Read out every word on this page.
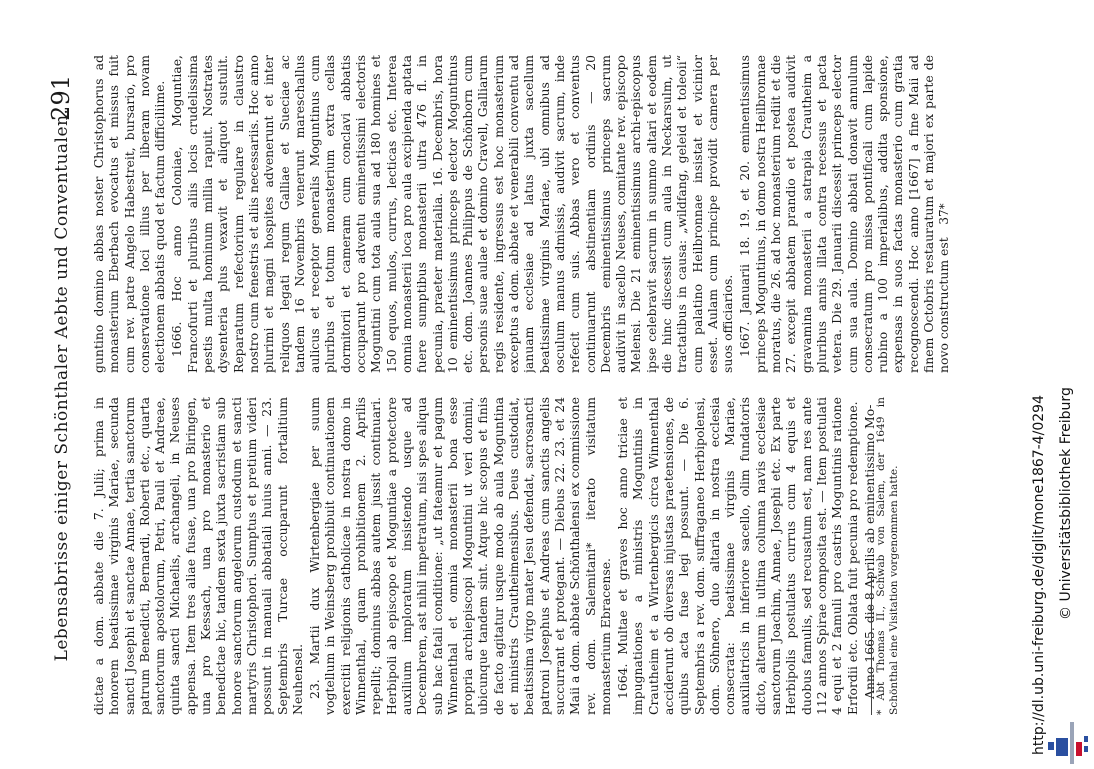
Lebensabrisse einiger Schönthaler Aebte und Conventualen.
291

dictae a dom. abbate die 7. Julii; prima in honorem beatissimae virginis Mariae, secunda sancti Josephi et sanctae Annae, tertia sanctorum patrum Benedicti, Bernardi, Roberti etc., quarta sanctorum apostolorum, Petri, Pauli et Andreae, quinta sancti Michaelis, archangeli, in Neuses appensa. Item tres aliae fusae, una pro Biringen, una pro Kessach, una pro monasterio et benedictae hic, tandem sexta juxta sacristiam sub honore sanctorum angelorum custodum et sancti martyris Christophori. Sumptus et pretium videri possunt in manuali abbatiali huius anni. — 23. Septembris Turcae occuparunt fortalitium Neuhensel. 23. Martii dux Wirtenbergiae per suum vogtellum in Weinsberg prohibuit continuationem exercitii religionis catholicae in nostra domo in Winnenthal, quam prohibitionem 2. Aprilis repellit; dominus abbas autem jussit continuari. Herbipoli ab episcopo et Moguntiae a protectore auxilium imploratum insistendo usque ad Decembrem, ast nihil impetratum, nisi spes aliqua sub hac fatali conditione: „ut fateamur et pagum Winnenthal et omnia monasterii bona esse propria archiepiscopi Moguntini ut veri domini, ubicunque tandem sint. Atque hic scopus et finis de facto agitatur usque modo ab aula Moguntina et ministris Crautheimensibus. Deus custodiat, beatissima virgo mater Jesu defendat, sacrosancti patroni Josephus et Andreas cum sanctis angelis succurrant et protegant. — Diebus 22. 23. et 24 Maii a dom. abbate Schönthalensi ex commissione rev. dom. Salemitani* iterato visitatum monasterium Ebracense. 1664. Multae et graves hoc anno triciae et impugnationes a ministris Moguntinis in Crautheim et a Wirtenbergicis circa Winnenthal acciderunt ob diversas injustas praetensiones, de quibus acta fuse legi possunt. — Die 6. Septembris a rev. dom. suffraganeo Herbipolensi, dom. Söhnero, duo altaria in nostra ecclesia consecrata: beatissimae virginis Mariae, auxiliatricis in inferiore sacello, olim fundatoris dicto, alterum in ultima columna navis ecclesiae sanctorum Joachim, Annae, Josephi etc. Ex parte Herbipolis postulatus currus cum 4 equis et duobus famulis, sed recusatum est, nam res ante 112 annos Spirae composita est. — Item postulati 4 equi et 2 famuli pro castris Moguntinis ratione Erfordii etc. Oblata fuit pecunia pro redemptione. Anno 1665. die 8 Aprilis ab eminentissimo Mo-

* Abt Thomas II., Schwab von Salem, der 1649 in Schönthal eine Visitation vorgenommen hatte.

guntino domino abbas noster Christophorus ad monasterium Eberbach evocatus et missus fuit cum rev. patre Angelo Habestreit, bursario, pro conservatione loci illius per liberam novam electionem abbatis quod et factum difficiliime. 1666. Hoc anno Coloniae, Moguntiae, Francofurti et pluribus aliis locis crudelissima pestis multa hominum millia rapuit. Nostrates dysenteria plus vexavit et aliquot sustulit. Reparatum refectorium regulare in claustro nostro cum fenestris et aliis necessariis. Hoc anno plurimi et magni hospites advenerunt et inter reliquos legati regum Galliae et Sueciae ac tandem 16 Novembris venerunt mareschallus aulicus et receptor generalis Moguntinus cum pluribus et totum monasterium extra cellas dormitorii et cameram cum conclavi abbatis occuparunt pro adventu eminentissimi electoris Moguntini cum tota aula sua ad 180 homines et 150 equos, mulos, currus, lecticas etc. Interea omnia monasterii loca pro aula excipienda aptata fuere sumptibus monasterii ultra 476 fl. in pecunia, praeter materialia. 16. Decembris, hora 10 eminentissimus princeps elector Moguntinus etc. dom. Joannes Philippus de Schönborn cum personis suae aulae et domino Cravell, Galliarum regis residente, ingressus est hoc monasterium exceptus a dom. abbate et venerabili conventu ad januam ecclesiae ad latus juxta sacellum beatissimae virginis Mariae, ubi omnibus ad osculum manus admissis, audivit sacrum, inde refecit cum suis. Abbas vero et conventus continuarunt abstinentiam ordinis — 20 Decembris eminentissimus princeps sacrum audivit in sacello Neuses, comitante rev. episcopo Melensi. Die 21 eminentissimus archi-episcopus ipse celebravit sacrum in summo altari et eodem die hinc discessit cum aula in Neckarsulm, ut tractatibus in causa: „wildfang, geleid et toleoii“ cum palatino Heilbronnae insistat et vicinior esset. Aulam cum principe providit camera per suos officiarios. 1667. Januarii 18. 19. et 20. eminentissimus princeps Moguntinus, in domo nostra Heilbronnae moratus, die 26. ad hoc monasterium rediit et die 27. excepit abbatem prandio et postea audivit gravamina monasterii a satrapia Crautheim a pluribus annis illata contra recessus et pacta vetera. Die 29. Januarii discessit princeps elector cum sua aula. Domino abbati donavit annulum consecratum pro missa pontificali cum lapide rubino a 100 imperialibus, addita sponsione, expensas in suos factas monasterio cum gratia recognoscendi. Hoc anno [1667] a fine Maii ad finem Octobris restauratum et majori ex parte de novo constructum est

37*
http://dl.ub.uni-freiburg.de/diglit/mone1867-4/0294 © Universitätsbibliothek Freiburg
